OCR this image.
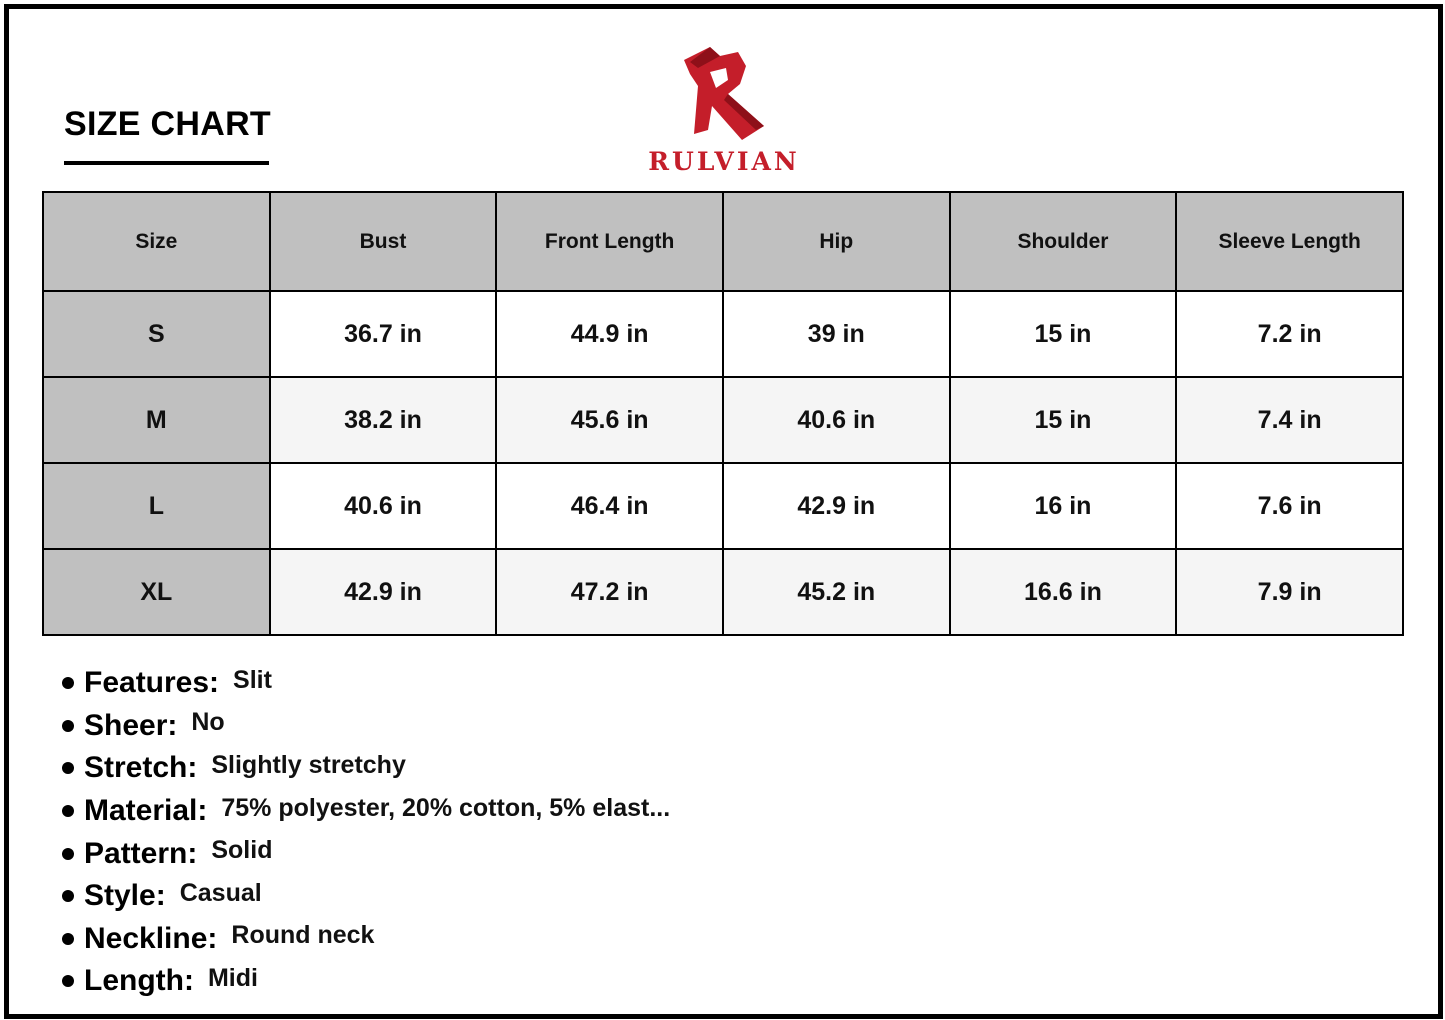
SIZE CHART
RULVIAN
Size	Bust	Front Length	Hip	Shoulder	Sleeve Length
S	36.7 in	44.9 in	39 in	15 in	7.2 in
M	38.2 in	45.6 in	40.6 in	15 in	7.4 in
L	40.6 in	46.4 in	42.9 in	16 in	7.6 in
XL	42.9 in	47.2 in	45.2 in	16.6 in	7.9 in
Features: Slit
Sheer: No
Stretch: Slightly stretchy
Material: 75% polyester, 20% cotton, 5% elast...
Pattern: Solid
Style: Casual
Neckline: Round neck
Length: Midi
